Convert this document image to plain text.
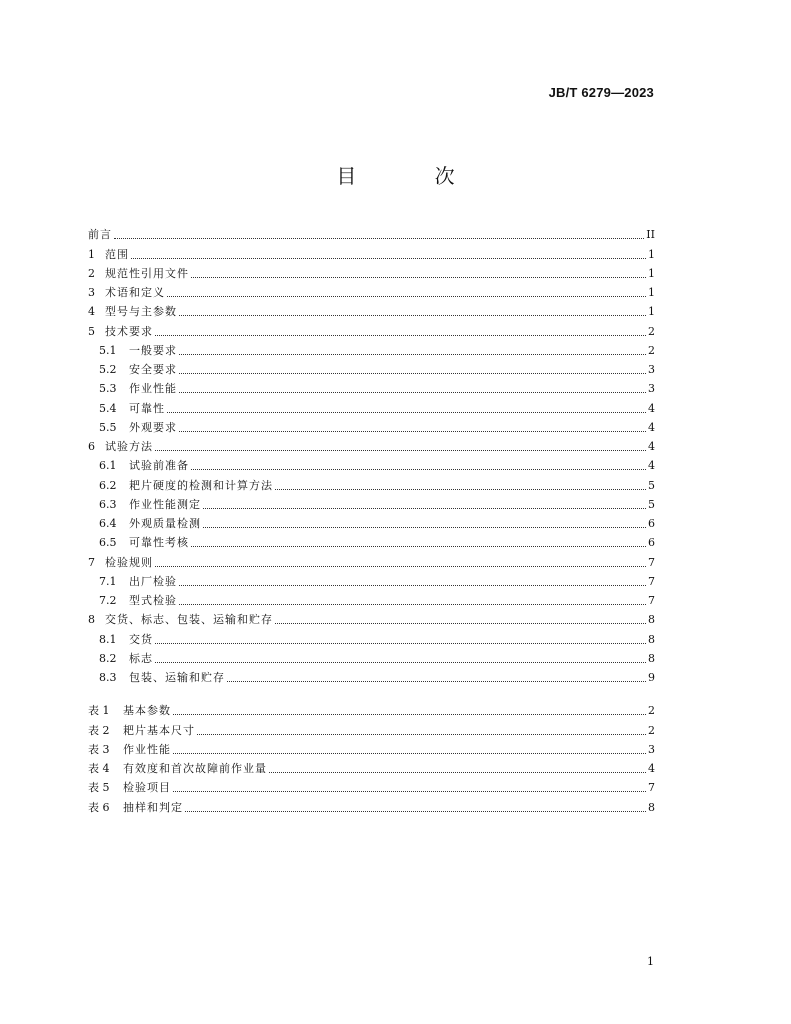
JB/T 6279—2023
目 次
前言	II
1 范围	1
2 规范性引用文件	1
3 术语和定义	1
4 型号与主参数	1
5 技术要求	2
5.1	一般要求	2
5.2	安全要求	3
5.3	作业性能	3
5.4	可靠性	4
5.5	外观要求	4
6 试验方法	4
6.1	试验前准备	4
6.2	耙片硬度的检测和计算方法	5
6.3	作业性能测定	5
6.4	外观质量检测	6
6.5	可靠性考核	6
7 检验规则	7
7.1	出厂检验	7
7.2	型式检验	7
8 交货、标志、包装、运输和贮存	8
8.1	交货	8
8.2	标志	8
8.3	包装、运输和贮存	9
表 1	基本参数	2
表 2	耙片基本尺寸	2
表 3	作业性能	3
表 4	有效度和首次故障前作业量	4
表 5	检验项目	7
表 6	抽样和判定	8
1
